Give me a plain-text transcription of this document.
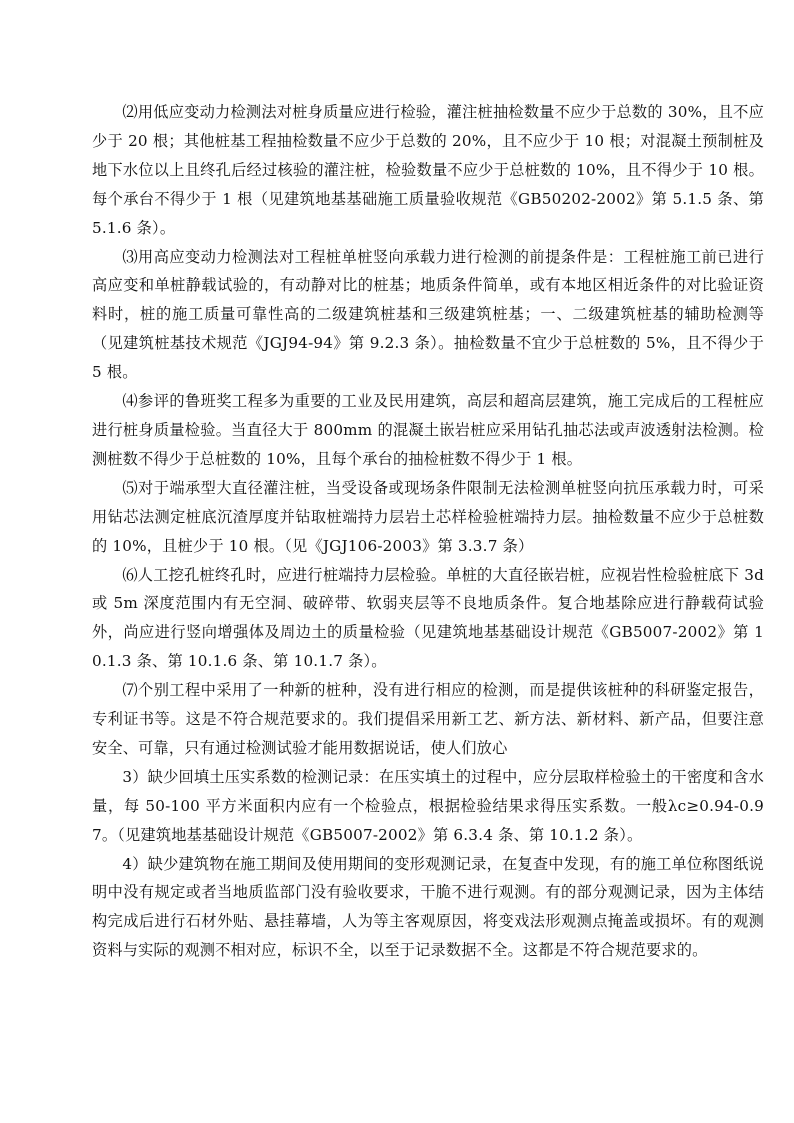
⑵用低应变动力检测法对桩身质量应进行检验，灌注桩抽检数量不应少于总数的 30%，且不应少于 20 根；其他桩基工程抽检数量不应少于总数的 20%，且不应少于 10 根；对混凝土预制桩及地下水位以上且终孔后经过核验的灌注桩，检验数量不应少于总桩数的 10%，且不得少于 10 根。每个承台不得少于 1 根（见建筑地基基础施工质量验收规范《GB50202-2002》第 5.1.5 条、第 5.1.6 条）。

⑶用高应变动力检测法对工程桩单桩竖向承载力进行检测的前提条件是：工程桩施工前已进行高应变和单桩静载试验的，有动静对比的桩基；地质条件简单，或有本地区相近条件的对比验证资料时，桩的施工质量可靠性高的二级建筑桩基和三级建筑桩基；一、二级建筑桩基的辅助检测等（见建筑桩基技术规范《JGJ94-94》第 9.2.3 条）。抽检数量不宜少于总桩数的 5%，且不得少于 5 根。

⑷参评的鲁班奖工程多为重要的工业及民用建筑，高层和超高层建筑，施工完成后的工程桩应进行桩身质量检验。当直径大于 800mm 的混凝土嵌岩桩应采用钻孔抽芯法或声波透射法检测。检测桩数不得少于总桩数的 10%，且每个承台的抽检桩数不得少于 1 根。

⑸对于端承型大直径灌注桩，当受设备或现场条件限制无法检测单桩竖向抗压承载力时，可采用钻芯法测定桩底沉渣厚度并钻取桩端持力层岩土芯样检验桩端持力层。抽检数量不应少于总桩数的 10%，且桩少于 10 根。（见《JGJ106-2003》第 3.3.7 条）

⑹人工挖孔桩终孔时，应进行桩端持力层检验。单桩的大直径嵌岩桩，应视岩性检验桩底下 3d 或 5m 深度范围内有无空洞、破碎带、软弱夹层等不良地质条件。复合地基除应进行静载荷试验外，尚应进行竖向增强体及周边土的质量检验（见建筑地基基础设计规范《GB5007-2002》第 10.1.3 条、第 10.1.6 条、第 10.1.7 条）。

⑺个别工程中采用了一种新的桩种，没有进行相应的检测，而是提供该桩种的科研鉴定报告，专利证书等。这是不符合规范要求的。我们提倡采用新工艺、新方法、新材料、新产品，但要注意安全、可靠，只有通过检测试验才能用数据说话，使人们放心

3）缺少回填土压实系数的检测记录：在压实填土的过程中，应分层取样检验土的干密度和含水量，每 50-100 平方米面积内应有一个检验点，根据检验结果求得压实系数。一般λc≥0.94-0.97。（见建筑地基基础设计规范《GB5007-2002》第 6.3.4 条、第 10.1.2 条）。

4）缺少建筑物在施工期间及使用期间的变形观测记录，在复查中发现，有的施工单位称图纸说明中没有规定或者当地质监部门没有验收要求，干脆不进行观测。有的部分观测记录，因为主体结构完成后进行石材外贴、悬挂幕墙，人为等主客观原因，将变戏法形观测点掩盖或损坏。有的观测资料与实际的观测不相对应，标识不全，以至于记录数据不全。这都是不符合规范要求的。
